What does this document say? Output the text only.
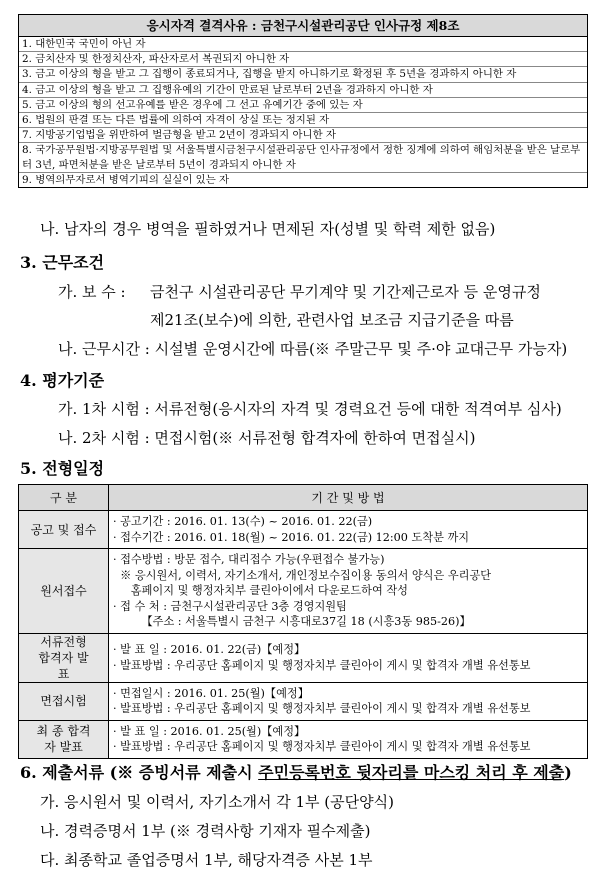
응시자격 결격사유 : 금천구시설관리공단 인사규정 제8조
1. 대한민국 국민이 아닌 자
2. 금치산자 및 한정치산자, 파산자로서 복권되지 아니한 자
3. 금고 이상의 형을 받고 그 집행이 종료되거나, 집행을 받지 아니하기로 확정된 후 5년을 경과하지 아니한 자
4. 금고 이상의 형을 받고 그 집행유예의 기간이 만료된 날로부터 2년을 경과하지 아니한 자
5. 금고 이상의 형의 선고유예를 받은 경우에 그 선고 유예기간 중에 있는 자
6. 법원의 판결 또는 다른 법률에 의하여 자격이 상실 또는 정지된 자
7. 지방공기업법을 위반하여 벌금형을 받고 2년이 경과되지 아니한 자
8. 국가공무원법·지방공무원법 및 서울특별시금천구시설관리공단 인사규정에서 정한 징계에 의하여 해임처분을 받은 날로부터 3년, 파면처분을 받은 날로부터 5년이 경과되지 아니한 자
9. 병역의무자로서 병역기피의 실실이 있는 자
나. 남자의 경우 병역을 필하였거나 면제된 자(성별 및 학력 제한 없음)
3. 근무조건
가. 보 수 : 금천구 시설관리공단 무기계약 및 기간제근로자 등 운영규정
제21조(보수)에 의한, 관련사업 보조금 지급기준을 따름
나. 근무시간 : 시설별 운영시간에 따름(※ 주말근무 및 주·야 교대근무 가능자)
4. 평가기준
가. 1차 시험 : 서류전형(응시자의 자격 및 경력요건 등에 대한 적격여부 심사)
나. 2차 시험 : 면접시험(※ 서류전형 합격자에 한하여 면접실시)
5. 전형일정
구 분	기 간 및 방 법
공고 및 접수	· 공고기간 : 2016. 01. 13(수) ~ 2016. 01. 22(금)
· 접수기간 : 2016. 01. 18(월) ~ 2016. 01. 22(금) 12:00 도착분 까지

원서접수	· 접수방법 : 방문 접수, 대리접수 가능(우편접수 불가능)
※ 응시원서, 이력서, 자기소개서, 개인정보수집이용 동의서 양식은 우리공단
홈페이지 및 행정자치부 클린아이에서 다운로드하여 작성
· 접 수 처 : 금천구시설관리공단 3층 경영지원팀
【주소 : 서울특별시 금천구 시흥대로37길 18 (시흥3동 985-26)】

서류전형 합격자 발표	· 발 표 일 : 2016. 01. 22(금)【예정】
· 발표방법 : 우리공단 홈페이지 및 행정자치부 클린아이 게시 및 합격자 개별 유선통보

면접시험	· 면접일시 : 2016. 01. 25(월)【예정】
· 발표방법 : 우리공단 홈페이지 및 행정자치부 클린아이 게시 및 합격자 개별 유선통보

최 종 합격자 발표	· 발 표 일 : 2016. 01. 25(월)【예정】
· 발표방법 : 우리공단 홈페이지 및 행정자치부 클린아이 게시 및 합격자 개별 유선통보
6. 제출서류 (※ 증빙서류 제출시 주민등록번호 뒷자리를 마스킹 처리 후 제출)
가. 응시원서 및 이력서, 자기소개서 각 1부 (공단양식)
나. 경력증명서 1부 (※ 경력사항 기재자 필수제출)
다. 최종학교 졸업증명서 1부, 해당자격증 사본 1부
